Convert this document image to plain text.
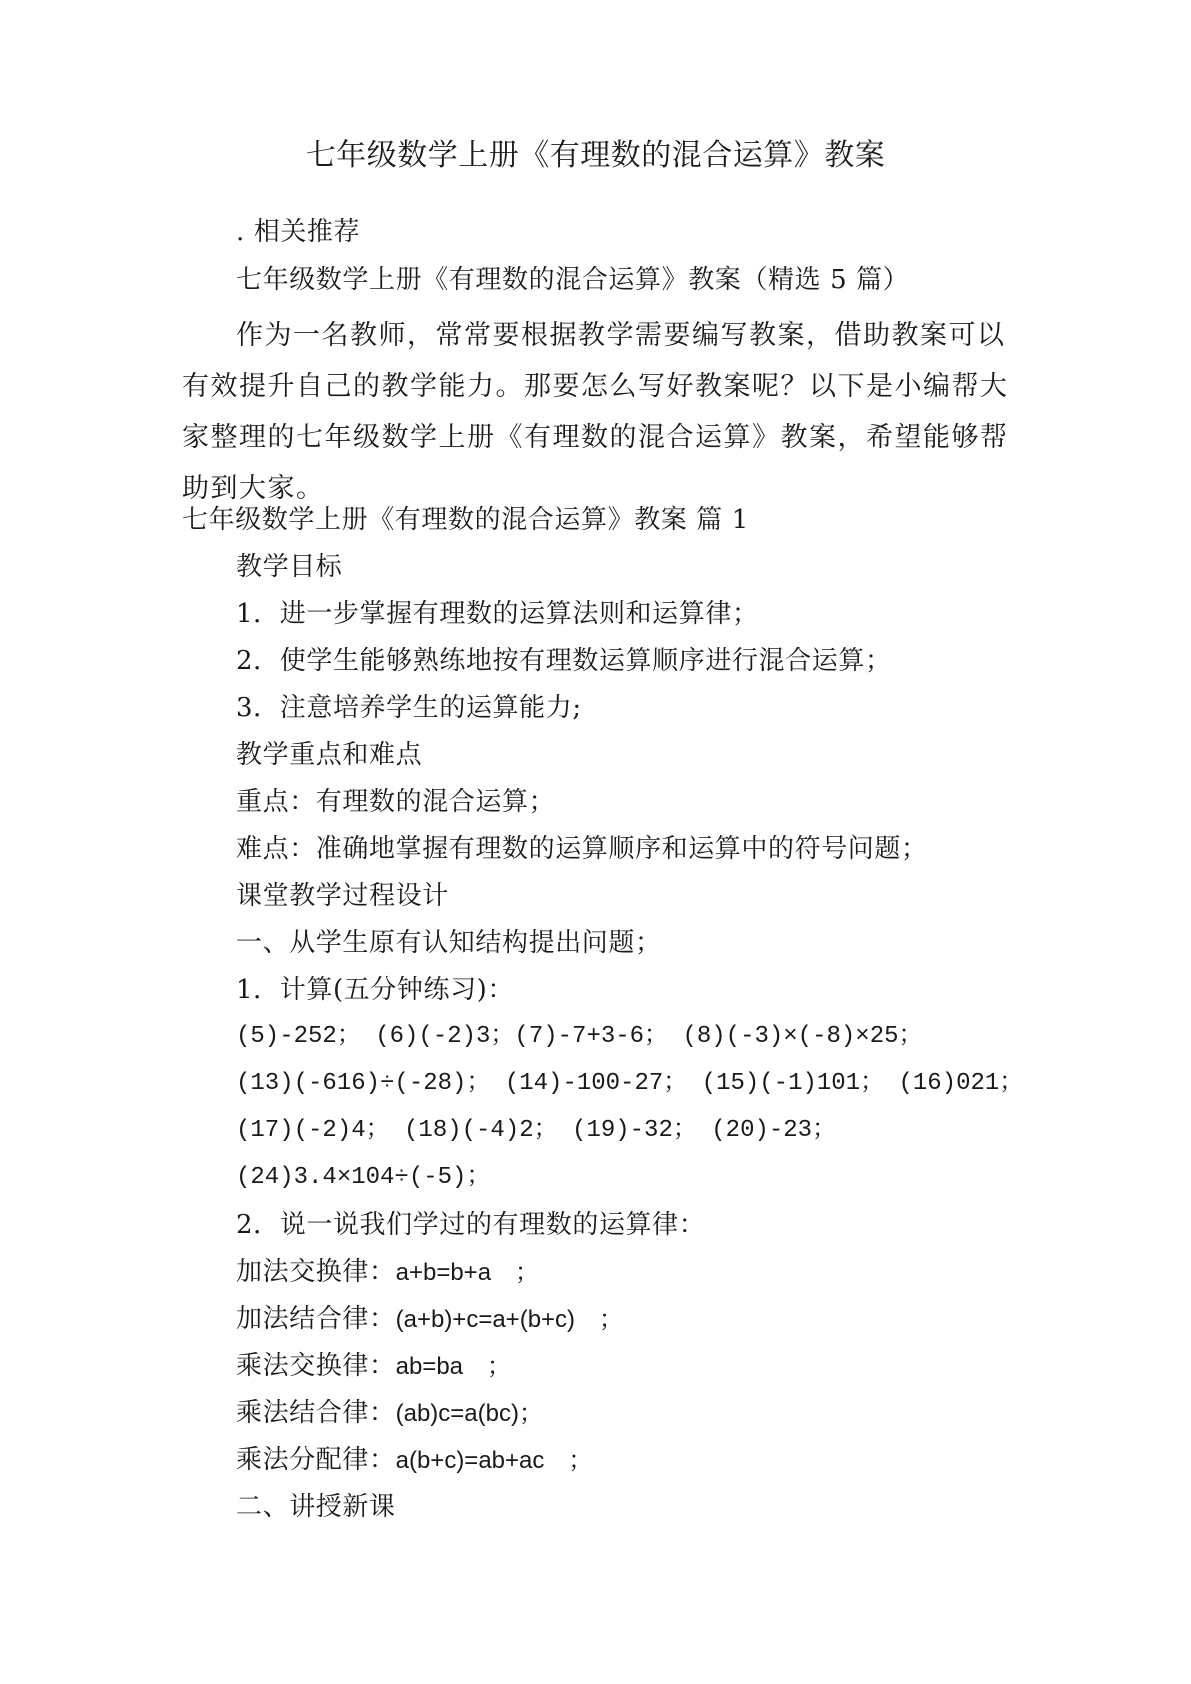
七年级数学上册《有理数的混合运算》教案
. 相关推荐
七年级数学上册《有理数的混合运算》教案（精选 5 篇）
作为一名教师，常常要根据教学需要编写教案，借助教案可以有效提升自己的教学能力。那要怎么写好教案呢？以下是小编帮大家整理的七年级数学上册《有理数的混合运算》教案，希望能够帮助到大家。
七年级数学上册《有理数的混合运算》教案 篇 1
教学目标
1．进一步掌握有理数的运算法则和运算律；
2．使学生能够熟练地按有理数运算顺序进行混合运算；
3．注意培养学生的运算能力;
教学重点和难点
重点：有理数的混合运算；
难点：准确地掌握有理数的运算顺序和运算中的符号问题；
课堂教学过程设计
一、从学生原有认知结构提出问题；
1．计算(五分钟练习)：
(5)-252； (6)(-2)3；(7)-7+3-6； (8)(-3)×(-8)×25；
(13)(-616)÷(-28)； (14)-100-27； (15)(-1)101； (16)021；
(17)(-2)4； (18)(-4)2； (19)-32； (20)-23；
(24)3.4×104÷(-5)；
2．说一说我们学过的有理数的运算律：
加法交换律：a+b=b+a　；
加法结合律：(a+b)+c=a+(b+c)　；
乘法交换律：ab=ba　；
乘法结合律：(ab)c=a(bc)；
乘法分配律：a(b+c)=ab+ac　；
二、讲授新课
